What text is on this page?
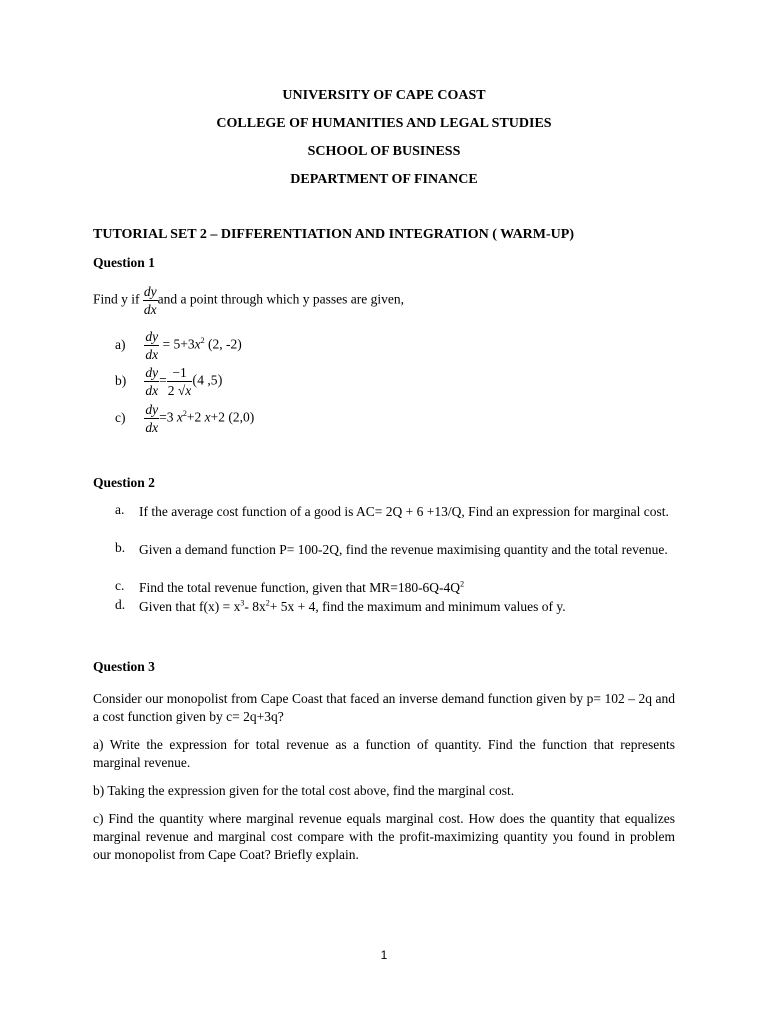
UNIVERSITY OF CAPE COAST
COLLEGE OF HUMANITIES AND LEGAL STUDIES
SCHOOL OF BUSINESS
DEPARTMENT OF FINANCE
TUTORIAL SET 2 – DIFFERENTIATION AND INTEGRATION ( WARM-UP)
Question 1
Find y if $\frac{dy}{dx}$ and a point through which y passes are given,
$a) \frac{dy}{dx} = 5+3x^2$ (2, -2)
$b) \frac{dy}{dx} = \frac{-1}{2 √x} (4$ ,5)
$c) \frac{dy}{dx} =3$ $x^2+2$ x+2 (2,0)
Question 2
a. If the average cost function of a good is AC= 2Q + 6 +13/Q, Find an expression for marginal cost.
b. Given a demand function P= 100-2Q, find the revenue maximising quantity and the total revenue.
c. Find the total revenue function, given that $MR=180-6Q-4Q^2$
d. Given that $f(x) = x^3-$ $8x^2+ 5x + 4$, find the maximum and minimum values of y.
Question 3
Consider our monopolist from Cape Coast that faced an inverse demand function given by p= 102 – 2q and a cost function given by c= 2q+3q?
a) Write the expression for total revenue as a function of quantity. Find the function that represents marginal revenue.
b) Taking the expression given for the total cost above, find the marginal cost.
c) Find the quantity where marginal revenue equals marginal cost. How does the quantity that equalizes marginal revenue and marginal cost compare with the profit-maximizing quantity you found in problem our monopolist from Cape Coat? Briefly explain.
1
